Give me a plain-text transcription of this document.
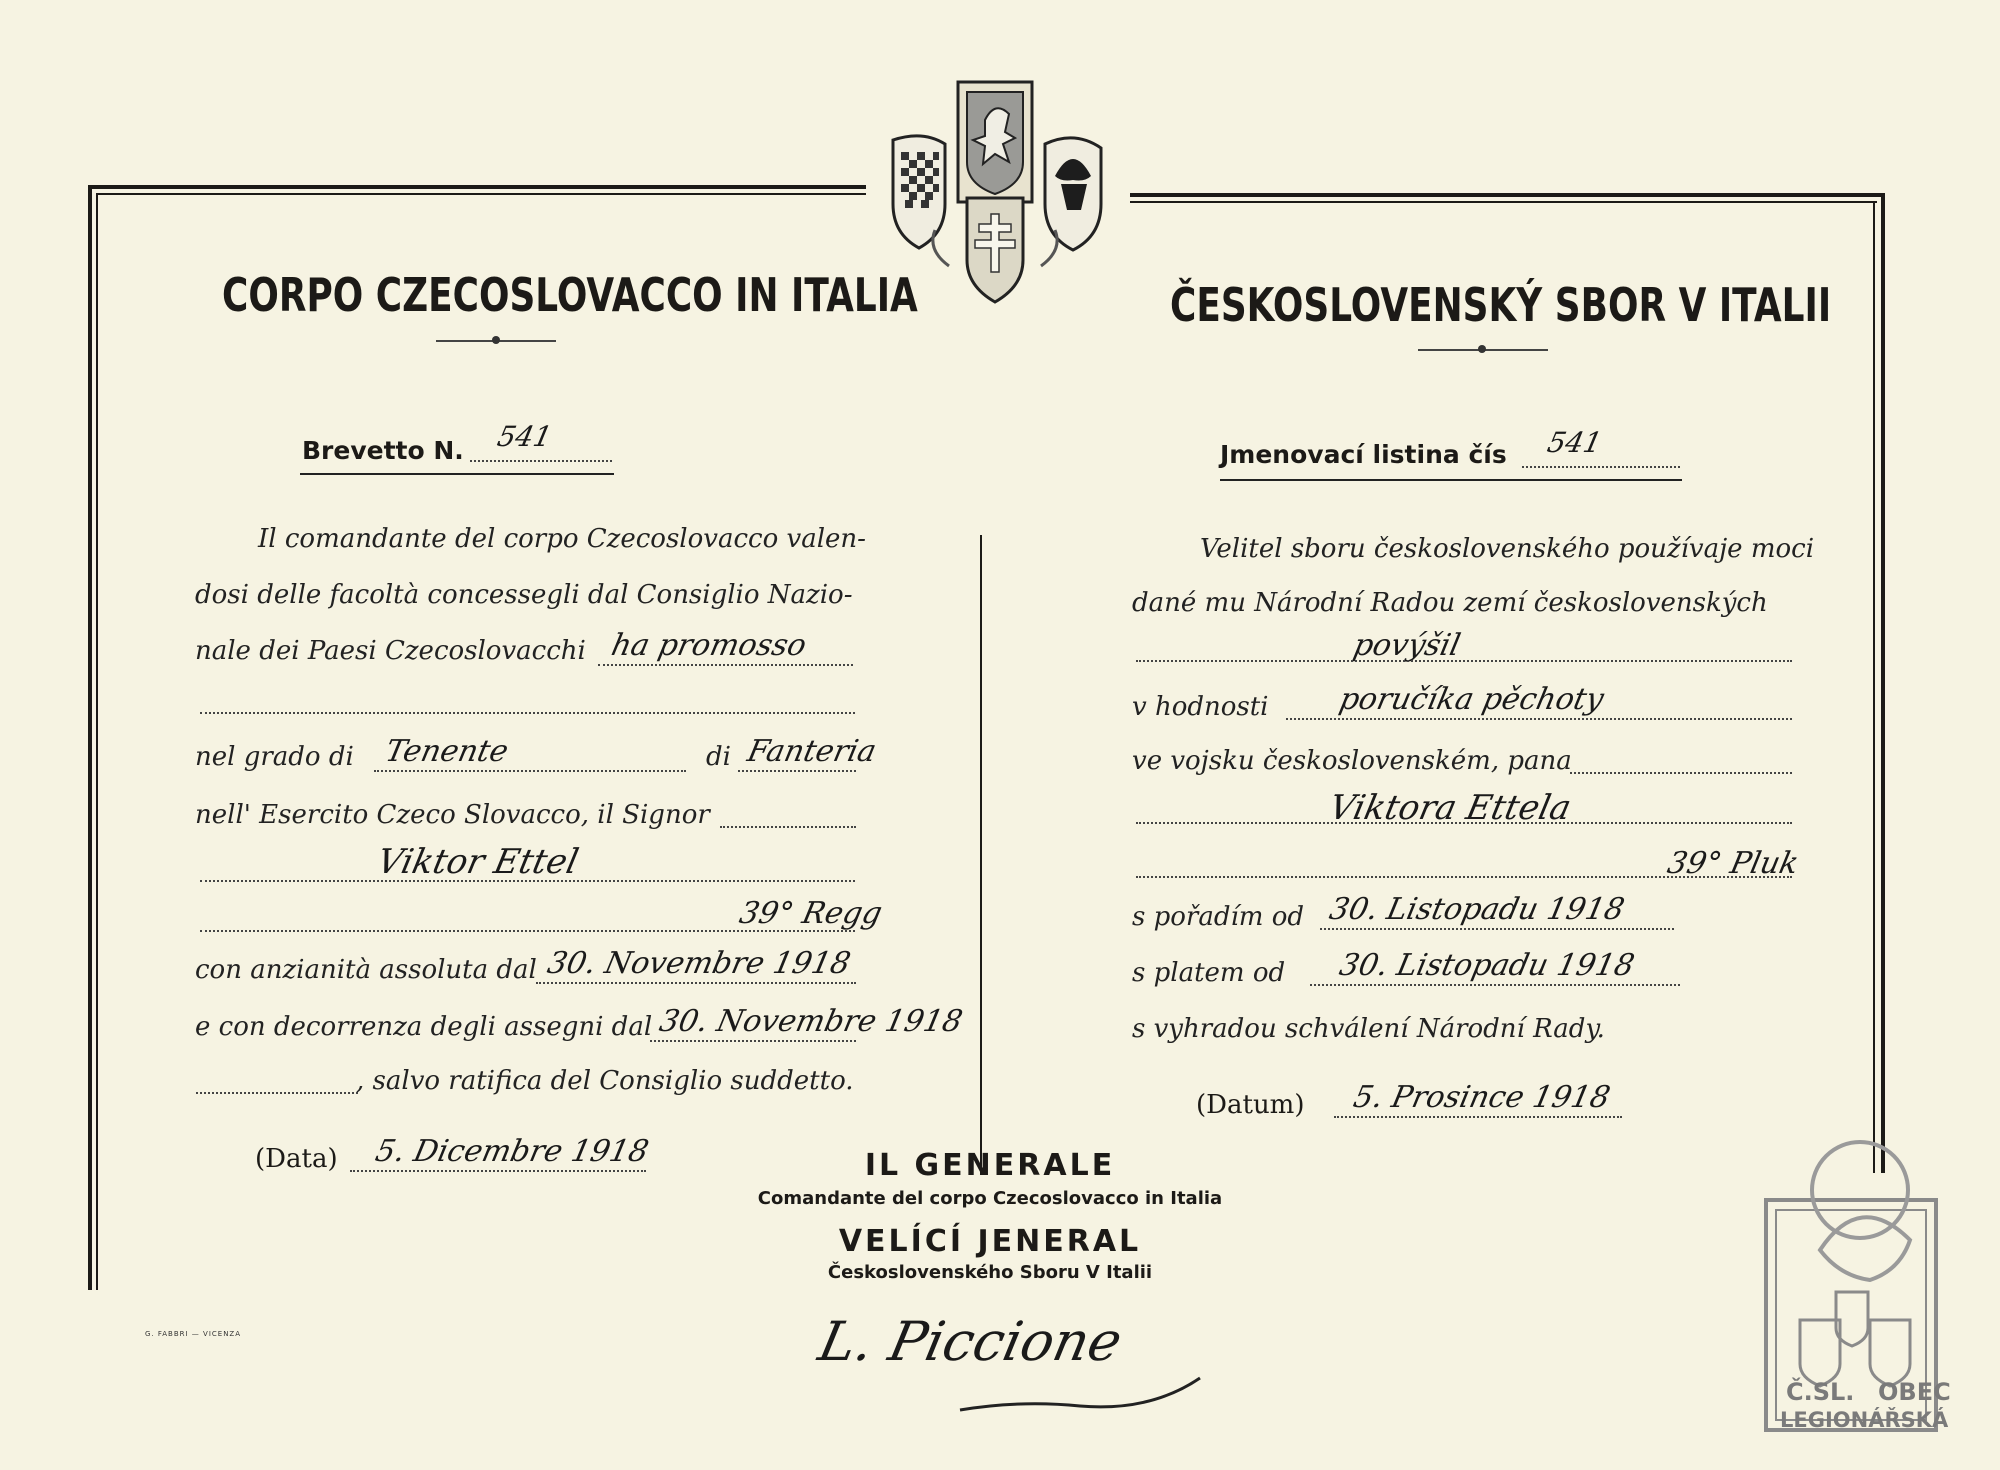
CORPO CZECOSLOVACCO IN ITALIA
Brevetto N. 541
Il comandante del corpo Czecoslovacco valen-
dosi delle facoltà concessegli dal Consiglio Nazio-
nale dei Paesi Czecoslovacchi ha promosso
nel grado di Tenente	di Fanteria
nell' Esercito Czeco Slovacco, il Signor
Viktor Ettel
39° Regg
con anzianità assoluta dal 30. Novembre 1918
e con decorrenza degli assegni dal 30. Novembre 1918
, salvo ratifica del Consiglio suddetto.
(Data) 5. Dicembre 1918
ČESKOSLOVENSKÝ SBOR V ITALII
Jmenovací listina čís 541
Velitel sboru československého používaje moci
dané mu Národní Radou zemí československých
povýšil
v hodnosti poručíka pěchoty
ve vojsku československém, pana
Viktora Ettela
39° Pluk
s pořadím od 30. Listopadu 1918
s platem od 30. Listopadu 1918
s vyhradou schválení Národní Rady.
(Datum) 5. Prosince 1918
IL GENERALE
Comandante del corpo Czecoslovacco in Italia
VELÍCÍ JENERAL
Československého Sboru V Italii
L. Piccione
G. FABBRI — VICENZA
Č.SL. OBEC
LEGIONÁŘSKÁ
